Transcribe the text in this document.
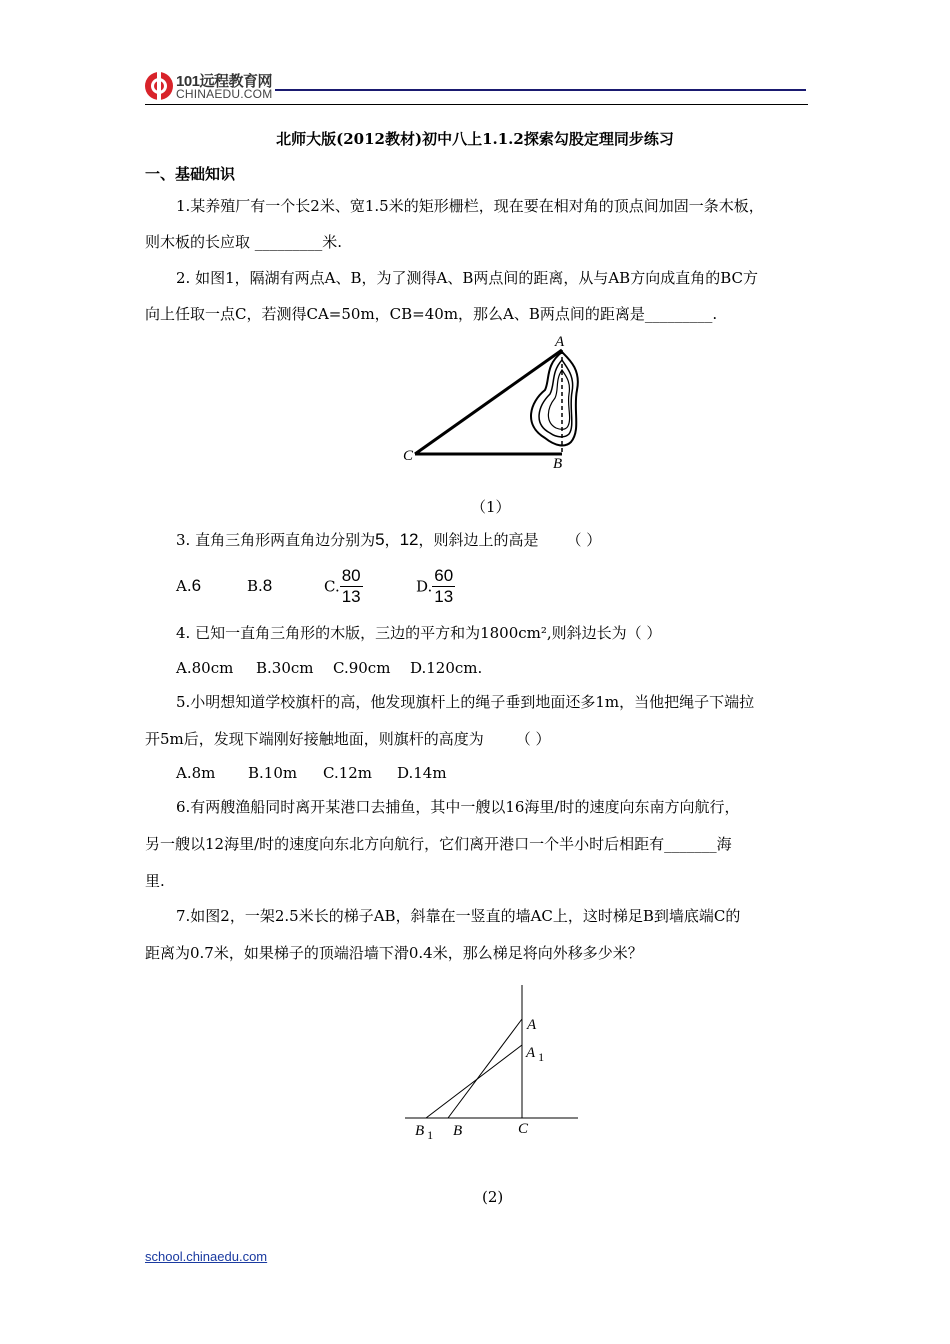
101远程教育网
CHINAEDU.COM
北师大版(2012教材)初中八上1.1.2探索勾股定理同步练习
一、基础知识
1.某养殖厂有一个长2米、宽1.5米的矩形栅栏，现在要在相对角的顶点间加固一条木板，
则木板的长应取 _________米.
2. 如图1，隔湖有两点A、B，为了测得A、B两点间的距离，从与AB方向成直角的BC方
向上任取一点C，若测得CA=50m，CB=40m，那么A、B两点间的距离是_________.
A
B
C
（1）
3. 直角三角形两直角边分别为5，12，则斜边上的高是 （ ）
A.6	B.8	C. $\frac{80}{13}$	D. $\frac{60}{13}$
4. 已知一直角三角形的木版，三边的平方和为1800cm²,则斜边长为（ ）
A.80cm B.30cm C.90cm D.120cm.
5.小明想知道学校旗杆的高，他发现旗杆上的绳子垂到地面还多1m，当他把绳子下端拉
开5m后，发现下端刚好接触地面，则旗杆的高度为 （ ）
A.8m B.10m C.12m D.14m
6.有两艘渔船同时离开某港口去捕鱼，其中一艘以16海里/时的速度向东南方向航行，
另一艘以12海里/时的速度向东北方向航行，它们离开港口一个半小时后相距有_______海
里.
7.如图2，一架2.5米长的梯子AB，斜靠在一竖直的墙AC上，这时梯足B到墙底端C的
距离为0.7米，如果梯子的顶端沿墙下滑0.4米，那么梯足将向外移多少米？
A
A $_1$
B $_1$ B	C
(2)
school.chinaedu.com
